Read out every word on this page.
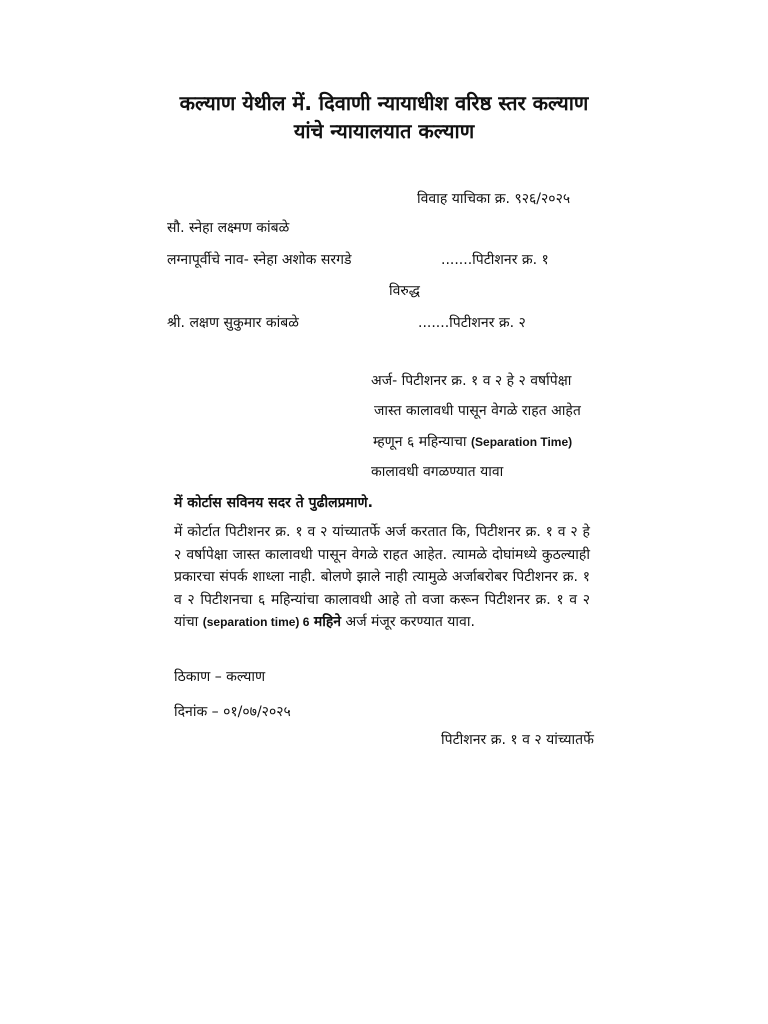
कल्याण येथील में. दिवाणी न्यायाधीश वरिष्ठ स्तर कल्याण
यांचे न्यायालयात कल्याण
विवाह याचिका क्र. ९२६/२०२५
सौ. स्नेहा लक्ष्मण कांबळे
लग्नापूर्वीचे नाव- स्नेहा अशोक सरगडे	.......पिटीशनर क्र. १
विरुद्ध
श्री. लक्षण सुकुमार कांबळे	.......पिटीशनर क्र. २
अर्ज- पिटीशनर क्र. १ व २ हे २ वर्षापेक्षा
जास्त कालावधी पासून वेगळे राहत आहेत
म्हणून ६ महिन्याचा (Separation Time)
कालावधी वगळण्यात यावा
में कोर्टास सविनय सदर ते पुढीलप्रमाणे.

में कोर्टात पिटीशनर क्र. १ व २ यांच्यातर्फे अर्ज करतात कि, पिटीशनर क्र. १ व २ हे २ वर्षापेक्षा जास्त कालावधी पासून वेगळे राहत आहेत. त्यामळे दोघांमध्ये कुठल्याही प्रकारचा संपर्क शाध्ला नाही. बोलणे झाले नाही त्यामुळे अर्जाबरोबर पिटीशनर क्र. १ व २ पिटीशनचा ६ महिन्यांचा कालावधी आहे तो वजा करून पिटीशनर क्र. १ व २ यांचा (separation time) 6 महिने अर्ज मंजूर करण्यात यावा.

ठिकाण – कल्याण
दिनांक – ०१/०७/२०२५
पिटीशनर क्र. १ व २ यांच्यातर्फे
